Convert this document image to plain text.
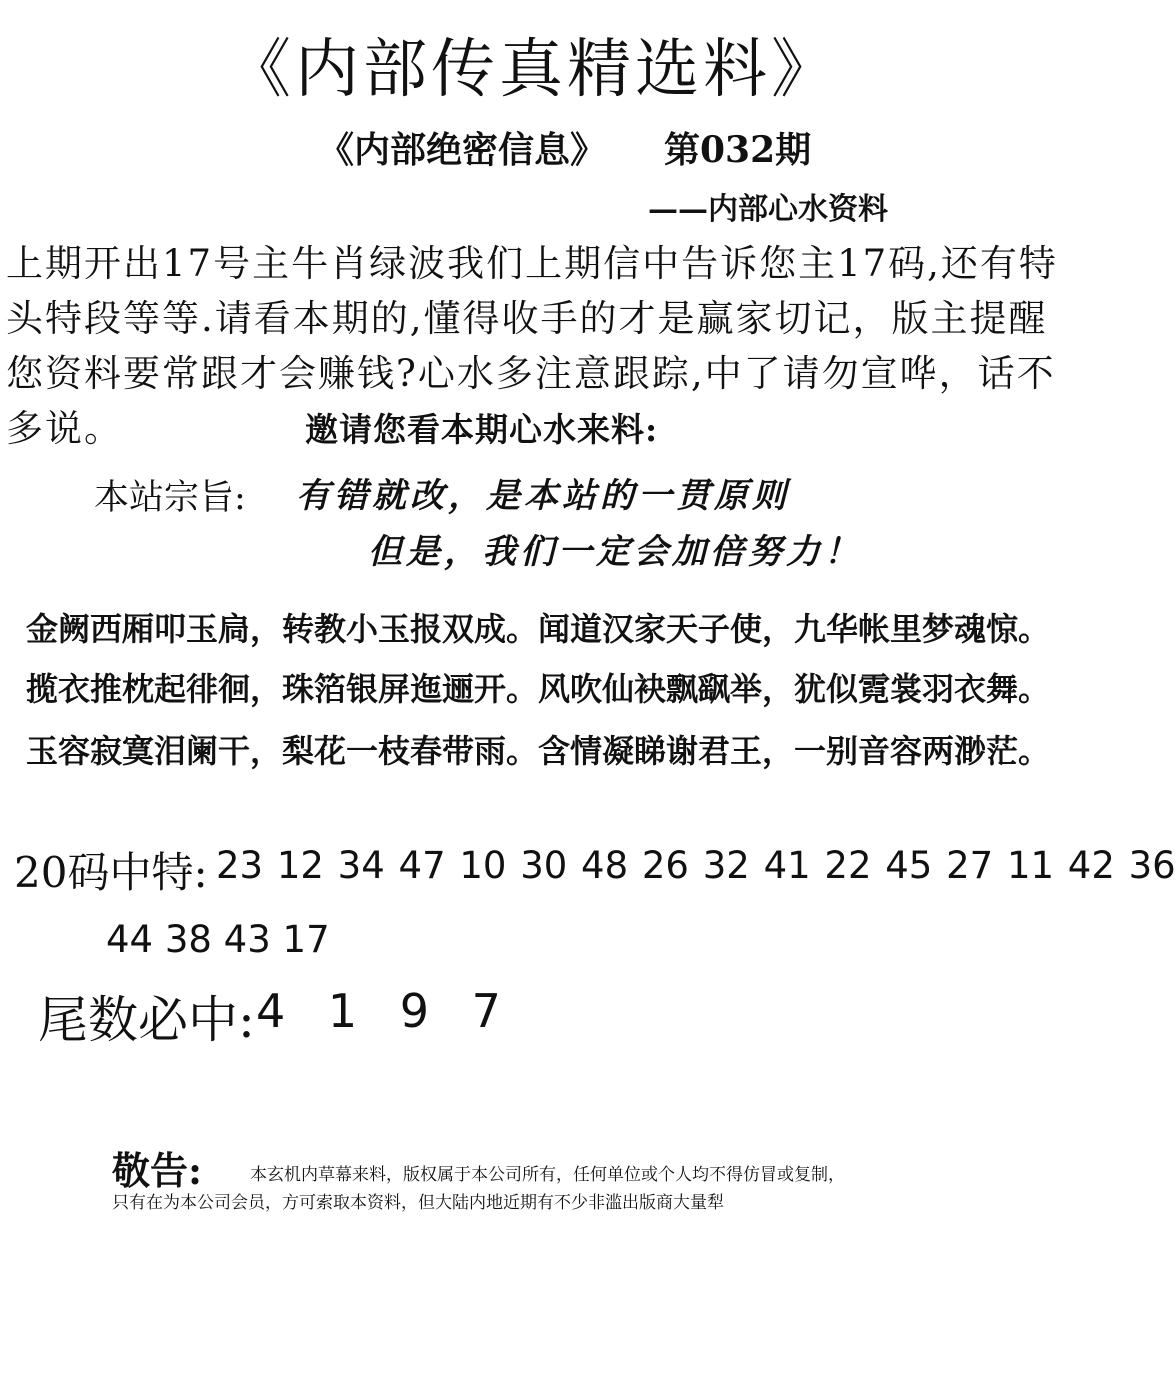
《内部传真精选料》
《内部绝密信息》 第032期
——内部心水资料
上期开出17号主牛肖绿波我们上期信中告诉您主17码,还有特
头特段等等.请看本期的,懂得收手的才是赢家切记，版主提醒
您资料要常跟才会赚钱?心水多注意跟踪,中了请勿宣哗，话不
多说。	邀请您看本期心水来料:
本站宗旨: 有错就改，是本站的一贯原则
但是，我们一定会加倍努力！
金阙西厢叩玉扃，转教小玉报双成。闻道汉家天子使，九华帐里梦魂惊。
揽衣推枕起徘徊，珠箔银屏迤逦开。风吹仙袂飘飖举，犹似霓裳羽衣舞。
玉容寂寞泪阑干，梨花一枝春带雨。含情凝睇谢君王，一别音容两渺茫。
20码中特: 23 12 34 47 10 30 48 26 32 41 22 45 27 11 42 36
44 38 43 17
尾数必中: 4 1 9 7
敬告:	本玄机内草幕来料，版权属于本公司所有，任何单位或个人均不得仿冒或复制，
只有在为本公司会员，方可索取本资料，但大陆内地近期有不少非滥出版商大量犁
